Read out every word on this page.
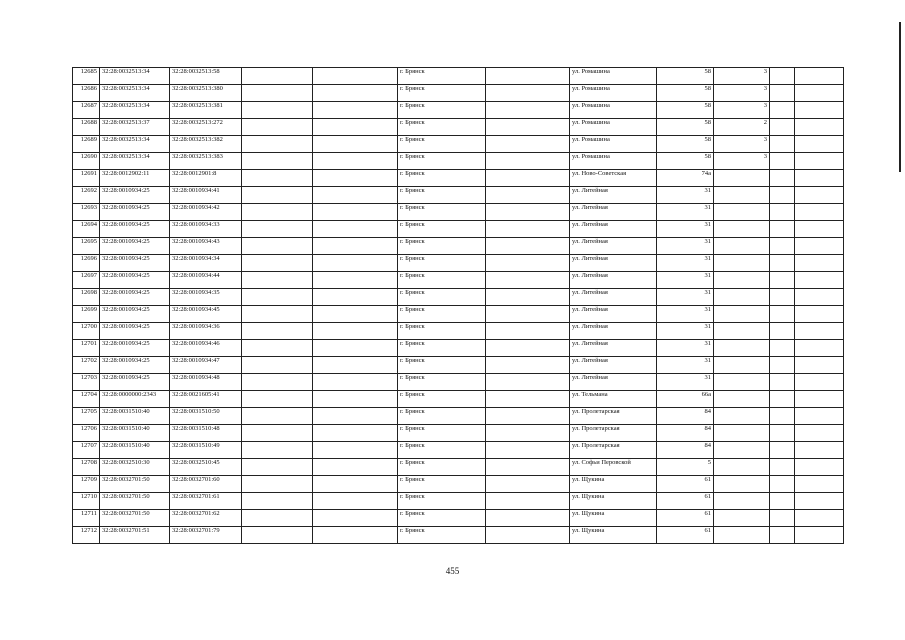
12685	32:28:0032513:34	32:28:0032513:58			г. Брянск		ул. Ромашина	58	3		
12686	32:28:0032513:34	32:28:0032513:380			г. Брянск		ул. Ромашина	58	3		
12687	32:28:0032513:34	32:28:0032513:381			г. Брянск		ул. Ромашина	58	3		
12688	32:28:0032513:37	32:28:0032513:272			г. Брянск		ул. Ромашина	58	2		
12689	32:28:0032513:34	32:28:0032513:382			г. Брянск		ул. Ромашина	58	3		
12690	32:28:0032513:34	32:28:0032513:383			г. Брянск		ул. Ромашина	58	3		
12691	32:28:0012902:11	32:28:0012901:8			г. Брянск		ул. Ново-Советская	74а			
12692	32:28:0010934:25	32:28:0010934:41			г. Брянск		ул. Литейная	31			
12693	32:28:0010934:25	32:28:0010934:42			г. Брянск		ул. Литейная	31			
12694	32:28:0010934:25	32:28:0010934:33			г. Брянск		ул. Литейная	31			
12695	32:28:0010934:25	32:28:0010934:43			г. Брянск		ул. Литейная	31			
12696	32:28:0010934:25	32:28:0010934:34			г. Брянск		ул. Литейная	31			
12697	32:28:0010934:25	32:28:0010934:44			г. Брянск		ул. Литейная	31			
12698	32:28:0010934:25	32:28:0010934:35			г. Брянск		ул. Литейная	31			
12699	32:28:0010934:25	32:28:0010934:45			г. Брянск		ул. Литейная	31			
12700	32:28:0010934:25	32:28:0010934:36			г. Брянск		ул. Литейная	31			
12701	32:28:0010934:25	32:28:0010934:46			г. Брянск		ул. Литейная	31			
12702	32:28:0010934:25	32:28:0010934:47			г. Брянск		ул. Литейная	31			
12703	32:28:0010934:25	32:28:0010934:48			г. Брянск		ул. Литейная	31			
12704	32:28:0000000:2343	32:28:0021605:41			г. Брянск		ул. Тельмана	66а			
12705	32:28:0031510:40	32:28:0031510:50			г. Брянск		ул. Пролетарская	84			
12706	32:28:0031510:40	32:28:0031510:48			г. Брянск		ул. Пролетарская	84			
12707	32:28:0031510:40	32:28:0031510:49			г. Брянск		ул. Пролетарская	84			
12708	32:28:0032510:30	32:28:0032510:45			г. Брянск		ул. Софьи Перовской	5			
12709	32:28:0032701:50	32:28:0032701:60			г. Брянск		ул. Щукина	61			
12710	32:28:0032701:50	32:28:0032701:61			г. Брянск		ул. Щукина	61			
12711	32:28:0032701:50	32:28:0032701:62			г. Брянск		ул. Щукина	61			
12712	32:28:0032701:51	32:28:0032701:79			г. Брянск		ул. Щукина	61			
455
